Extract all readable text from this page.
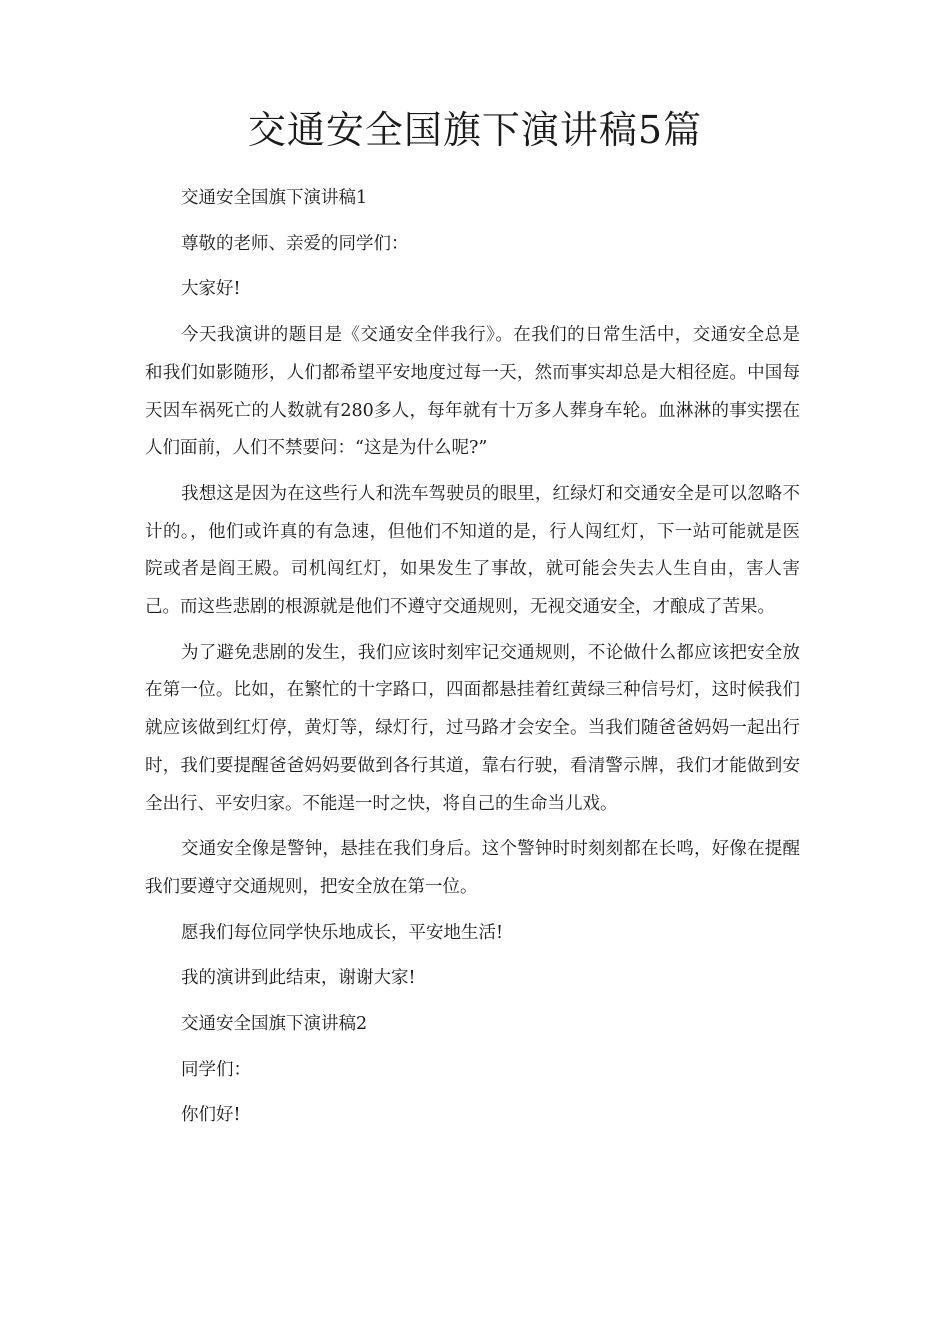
交通安全国旗下演讲稿5篇

交通安全国旗下演讲稿1

尊敬的老师、亲爱的同学们：

大家好!

今天我演讲的题目是《交通安全伴我行》。在我们的日常生活中，交通安全总是和我们如影随形，人们都希望平安地度过每一天，然而事实却总是大相径庭。中国每天因车祸死亡的人数就有280多人，每年就有十万多人葬身车轮。血淋淋的事实摆在人们面前，人们不禁要问：“这是为什么呢?”

我想这是因为在这些行人和洗车驾驶员的眼里，红绿灯和交通安全是可以忽略不计的。，他们或许真的有急速，但他们不知道的是，行人闯红灯，下一站可能就是医院或者是阎王殿。司机闯红灯，如果发生了事故，就可能会失去人生自由，害人害己。而这些悲剧的根源就是他们不遵守交通规则，无视交通安全，才酿成了苦果。

为了避免悲剧的发生，我们应该时刻牢记交通规则，不论做什么都应该把安全放在第一位。比如，在繁忙的十字路口，四面都悬挂着红黄绿三种信号灯，这时候我们就应该做到红灯停，黄灯等，绿灯行，过马路才会安全。当我们随爸爸妈妈一起出行时，我们要提醒爸爸妈妈要做到各行其道，靠右行驶，看清警示牌，我们才能做到安全出行、平安归家。不能逞一时之快，将自己的生命当儿戏。

交通安全像是警钟，悬挂在我们身后。这个警钟时时刻刻都在长鸣，好像在提醒我们要遵守交通规则，把安全放在第一位。

愿我们每位同学快乐地成长，平安地生活!

我的演讲到此结束，谢谢大家!

交通安全国旗下演讲稿2

同学们：

你们好!
